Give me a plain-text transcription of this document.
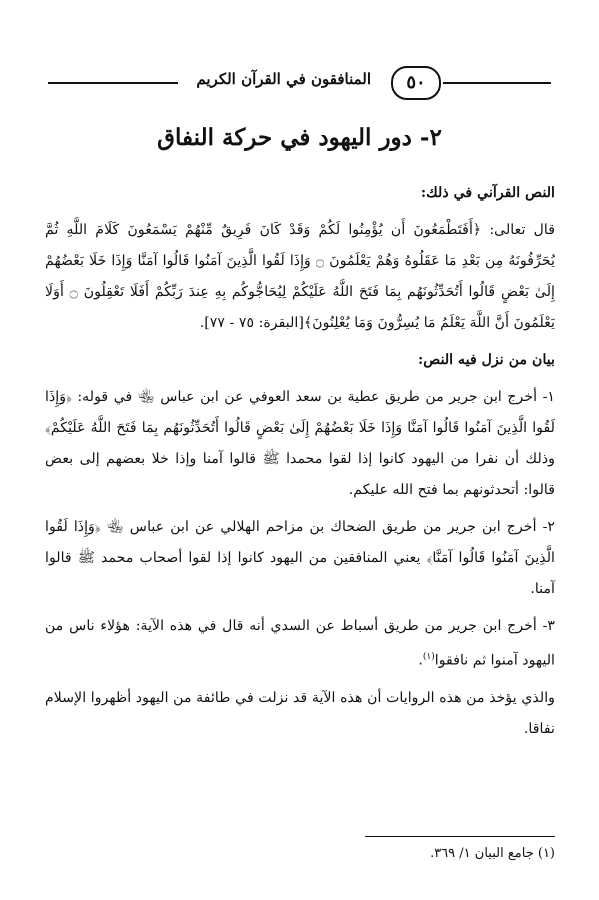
٥٠
المنافقون في القرآن الكريم
٢- دور اليهود في حركة النفاق

النص القرآني في ذلك:

قال تعالى: ﴿أَفَتَطْمَعُونَ أَن يُؤْمِنُوا لَكُمْ وَقَدْ كَانَ فَرِيقٌ مِّنْهُمْ يَسْمَعُونَ كَلَامَ اللَّهِ ثُمَّ يُحَرِّفُونَهُ مِن بَعْدِ مَا عَقَلُوهُ وَهُمْ يَعْلَمُونَ ۝ وَإِذَا لَقُوا الَّذِينَ آمَنُوا قَالُوا آمَنَّا وَإِذَا خَلَا بَعْضُهُمْ إِلَىٰ بَعْضٍ قَالُوا أَتُحَدِّثُونَهُم بِمَا فَتَحَ اللَّهُ عَلَيْكُمْ لِيُحَاجُّوكُم بِهِ عِندَ رَبِّكُمْ أَفَلَا تَعْقِلُونَ ۝ أَوَلَا يَعْلَمُونَ أَنَّ اللَّهَ يَعْلَمُ مَا يُسِرُّونَ وَمَا يُعْلِنُونَ﴾[البقرة: ٧٥ - ٧٧].

بيان من نزل فيه النص:

١- أخرج ابن جرير من طريق عطية بن سعد العوفي عن ابن عباس ﵄ في قوله: ﴿وَإِذَا لَقُوا الَّذِينَ آمَنُوا قَالُوا آمَنَّا وَإِذَا خَلَا بَعْضُهُمْ إِلَىٰ بَعْضٍ قَالُوا أَتُحَدِّثُونَهُم بِمَا فَتَحَ اللَّهُ عَلَيْكُمْ﴾ وذلك أن نفرا من اليهود كانوا إذا لقوا محمدا ﷺ قالوا آمنا وإذا خلا بعضهم إلى بعض قالوا: أتحدثونهم بما فتح الله عليكم.

٢- أخرج ابن جرير من طريق الضحاك بن مزاحم الهلالي عن ابن عباس ﵄ ﴿وَإِذَا لَقُوا الَّذِينَ آمَنُوا قَالُوا آمَنَّا﴾ يعني المنافقين من اليهود كانوا إذا لقوا أصحاب محمد ﷺ قالوا آمنا.

٣- أخرج ابن جرير من طريق أسباط عن السدي أنه قال في هذه الآية: هؤلاء ناس من اليهود آمنوا ثم نافقوا$^{(١)}$.

والذي يؤخذ من هذه الروايات أن هذه الآية قد نزلت في طائفة من اليهود أظهروا الإسلام نفاقا.

(١) جامع البيان ١/ ٣٦٩.
